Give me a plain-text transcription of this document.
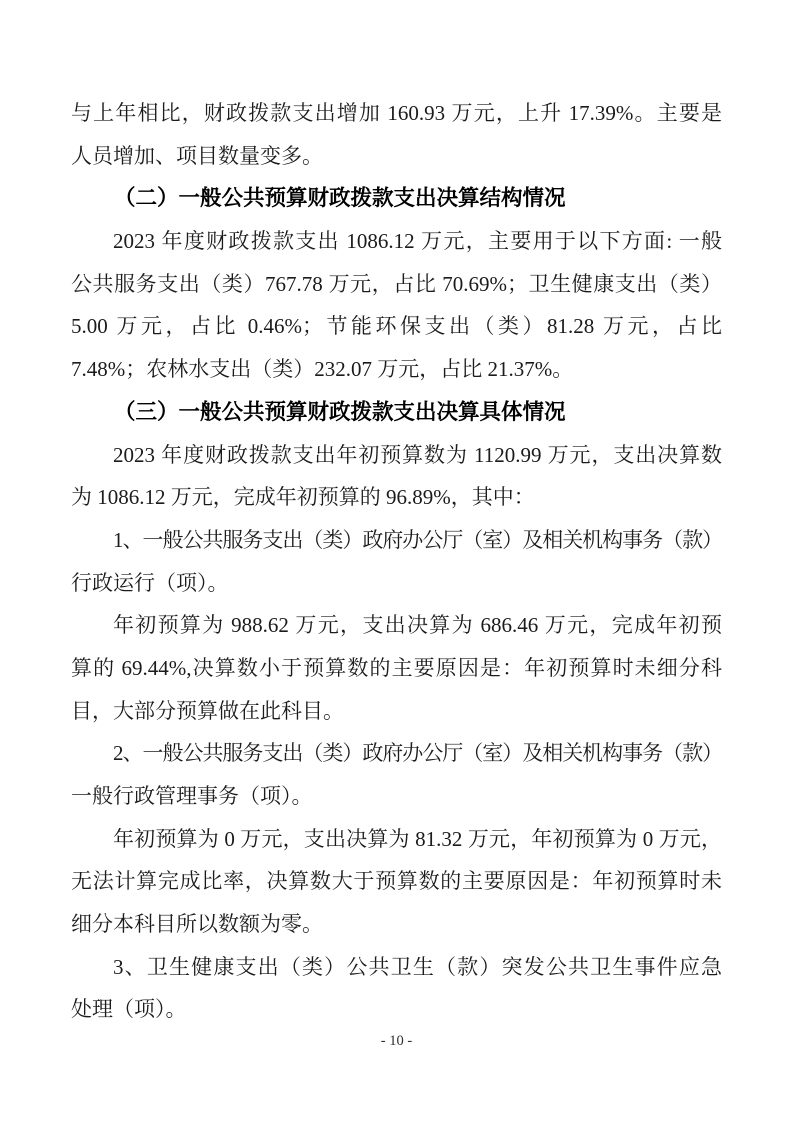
与上年相比，财政拨款支出增加 160.93 万元，上升 17.39%。主要是
人员增加、项目数量变多。
（二）一般公共预算财政拨款支出决算结构情况
2023 年度财政拨款支出 1086.12 万元，主要用于以下方面: 一般
公共服务支出（类）767.78 万元，占比 70.69%；卫生健康支出（类）
5.00 万元，占比 0.46%；节能环保支出（类）81.28 万元，占比
7.48%；农林水支出（类）232.07 万元，占比 21.37%。
（三）一般公共预算财政拨款支出决算具体情况
2023 年度财政拨款支出年初预算数为 1120.99 万元，支出决算数
为 1086.12 万元，完成年初预算的 96.89%，其中：
1、一般公共服务支出（类）政府办公厅（室）及相关机构事务（款）
行政运行（项）。
年初预算为 988.62 万元，支出决算为 686.46 万元，完成年初预
算的 69.44%,决算数小于预算数的主要原因是：年初预算时未细分科
目，大部分预算做在此科目。
2、一般公共服务支出（类）政府办公厅（室）及相关机构事务（款）
一般行政管理事务（项）。
年初预算为 0 万元，支出决算为 81.32 万元，年初预算为 0 万元，
无法计算完成比率，决算数大于预算数的主要原因是：年初预算时未
细分本科目所以数额为零。
3、卫生健康支出（类）公共卫生（款）突发公共卫生事件应急
处理（项）。
- 10 -
